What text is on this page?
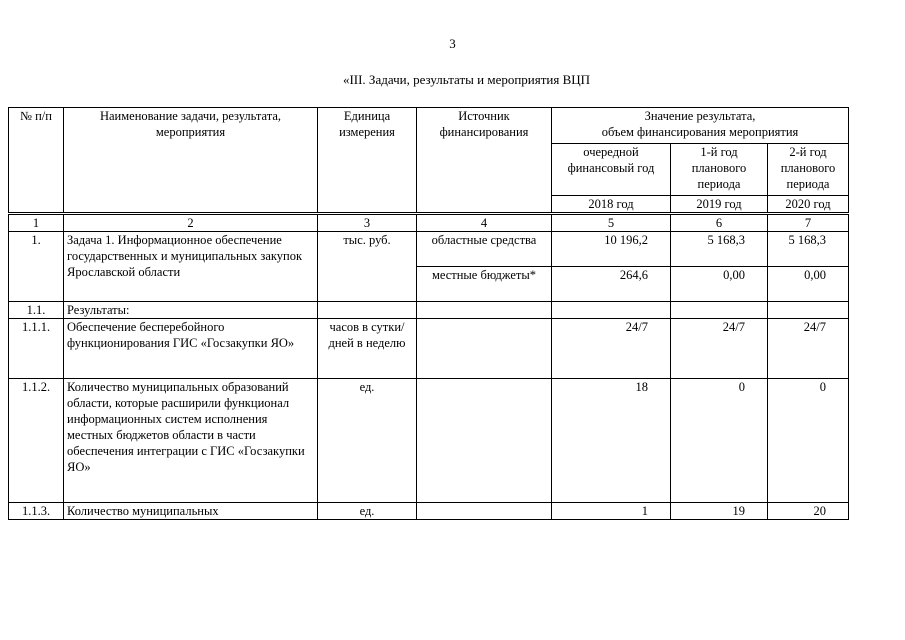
3
«III. Задачи, результаты и мероприятия ВЦП
№ п/п	Наименование задачи, результата, мероприятия	Единица измерения	Источник финансирования	Значение результата,
объем финансирования мероприятия		

				очередной финансовый год	1-й год планового периода	2-й год планового периода
				2018 год	2019 год	2020 год
1	2	3	4	5	6	7
1.	Задача 1. Информационное обеспечение государственных и муниципальных закупок Ярославской области	тыс. руб.	областные средства	10 196,2	5 168,3	5 168,3
			местные бюджеты*	264,6	0,00	0,00
1.1.	Результаты:					
1.1.1.	Обеспечение бесперебойного функционирования ГИС «Госзакупки ЯО»	часов в сутки/ дней в неделю		24/7	24/7	24/7
1.1.2.	Количество муниципальных образований области, которые расширили функционал информационных систем исполнения местных бюджетов области в части обеспечения интеграции с ГИС «Госзакупки ЯО»	ед.		18	0	0
1.1.3.	Количество муниципальных	ед.		1	19	20
